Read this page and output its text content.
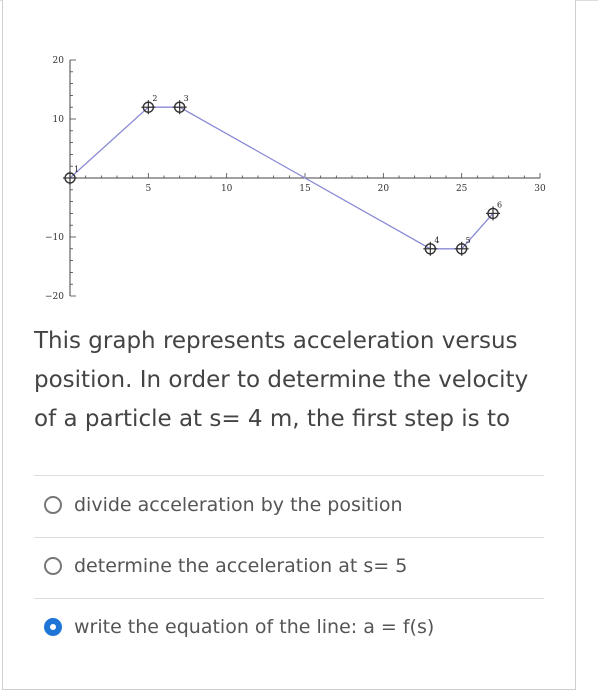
5	10	15	20	25	30
20
10
−10
−20
1
2	3
4	5
6
This graph represents acceleration versus position. In order to determine the velocity of a particle at s= 4 m, the first step is to
divide acceleration by the position
determine the acceleration at s= 5
write the equation of the line: a = f(s)
